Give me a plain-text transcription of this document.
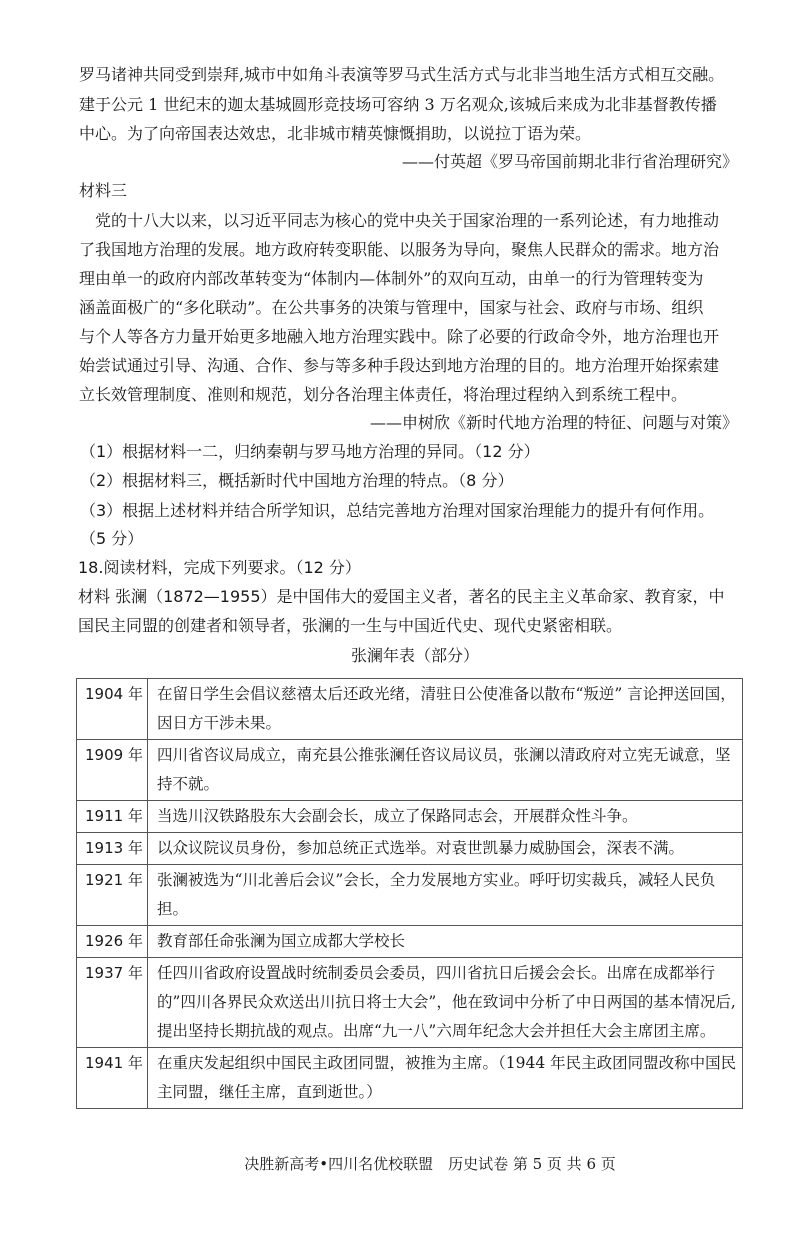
罗马诸神共同受到崇拜,城市中如角斗表演等罗马式生活方式与北非当地生活方式相互交融。
建于公元 1 世纪末的迦太基城圆形竞技场可容纳 3 万名观众,该城后来成为北非基督教传播
中心。为了向帝国表达效忠，北非城市精英慷慨捐助，以说拉丁语为荣。
——付英超《罗马帝国前期北非行省治理研究》
材料三
党的十八大以来，以习近平同志为核心的党中央关于国家治理的一系列论述，有力地推动
了我国地方治理的发展。地方政府转变职能、以服务为导向，聚焦人民群众的需求。地方治
理由单一的政府内部改革转变为“体制内—体制外”的双向互动，由单一的行为管理转变为
涵盖面极广的“多化联动”。在公共事务的决策与管理中，国家与社会、政府与市场、组织
与个人等各方力量开始更多地融入地方治理实践中。除了必要的行政命令外，地方治理也开
始尝试通过引导、沟通、合作、参与等多种手段达到地方治理的目的。地方治理开始探索建
立长效管理制度、准则和规范，划分各治理主体责任，将治理过程纳入到系统工程中。
——申树欣《新时代地方治理的特征、问题与对策》
（1）根据材料一二，归纳秦朝与罗马地方治理的异同。（12 分）
（2）根据材料三，概括新时代中国地方治理的特点。（8 分）
（3）根据上述材料并结合所学知识，总结完善地方治理对国家治理能力的提升有何作用。
（5 分）
18.阅读材料，完成下列要求。（12 分）
材料 张澜（1872—1955）是中国伟大的爱国主义者，著名的民主主义革命家、教育家，中
国民主同盟的创建者和领导者，张澜的一生与中国近代史、现代史紧密相联。
张澜年表（部分）
1904 年	在留日学生会倡议慈禧太后还政光绪，清驻日公使准备以散布“叛逆” 言论押送回国，因日方干涉未果。
1909 年	四川省咨议局成立，南充县公推张澜任咨议局议员，张澜以清政府对立宪无诚意，坚持不就。
1911 年	当选川汉铁路股东大会副会长，成立了保路同志会，开展群众性斗争。
1913 年	以众议院议员身份，参加总统正式选举。对袁世凯暴力威胁国会，深表不满。
1921 年	张澜被选为“川北善后会议”会长，全力发展地方实业。呼吁切实裁兵，减轻人民负担。
1926 年	教育部任命张澜为国立成都大学校长
1937 年	任四川省政府设置战时统制委员会委员，四川省抗日后援会会长。出席在成都举行的”四川各界民众欢送出川抗日将士大会”，他在致词中分析了中日两国的基本情况后,提出坚持长期抗战的观点。出席“九一八”六周年纪念大会并担任大会主席团主席。
1941 年	在重庆发起组织中国民主政团同盟，被推为主席。（1944 年民主政团同盟改称中国民主同盟，继任主席，直到逝世。）
决胜新高考•四川名优校联盟　历史试卷 第 5 页 共 6 页
